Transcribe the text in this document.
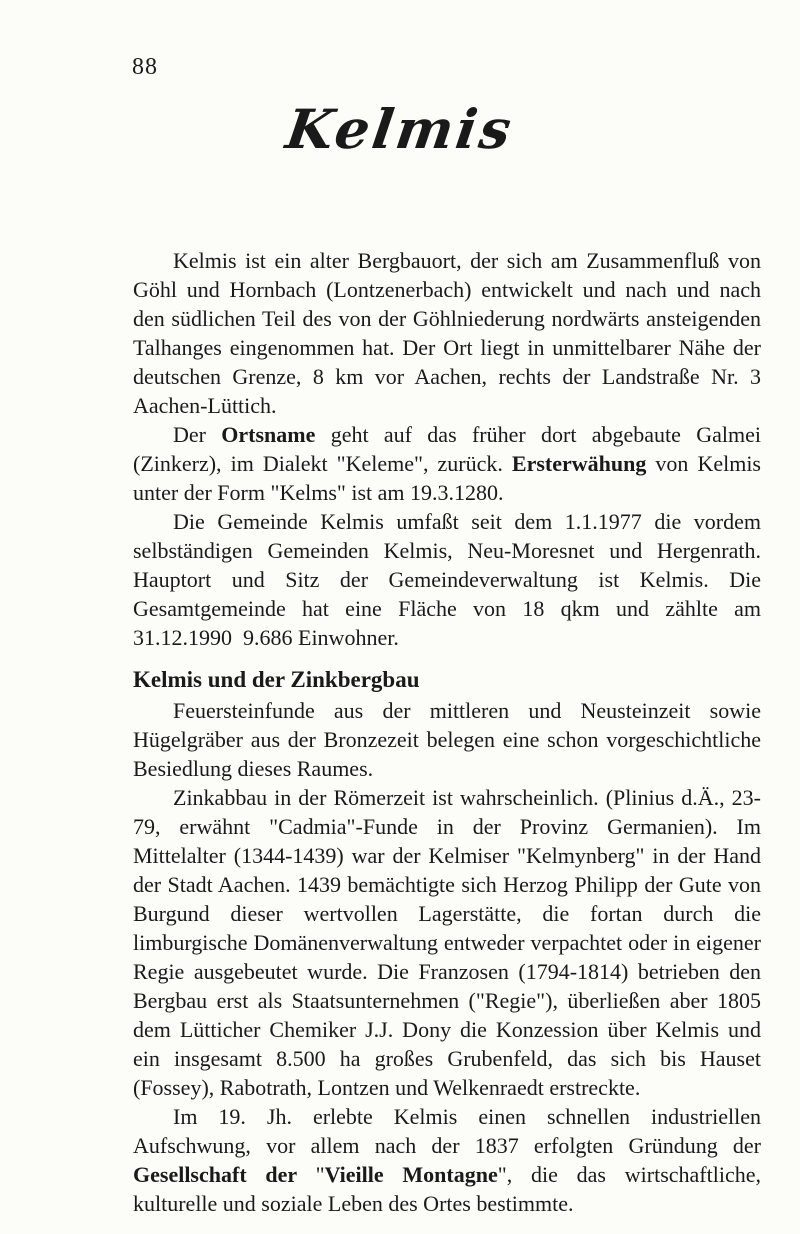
88
Kelmis

Kelmis ist ein alter Bergbauort, der sich am Zusammenfluß von Göhl und Hornbach (Lontzenerbach) entwickelt und nach und nach den südlichen Teil des von der Göhlniederung nordwärts ansteigenden Talhanges eingenommen hat. Der Ort liegt in unmittelbarer Nähe der deutschen Grenze, 8 km vor Aachen, rechts der Landstraße Nr. 3 Aachen-Lüttich.

Der Ortsname geht auf das früher dort abgebaute Galmei (Zinkerz), im Dialekt "Keleme", zurück. Ersterwähung von Kelmis unter der Form "Kelms" ist am 19.3.1280.

Die Gemeinde Kelmis umfaßt seit dem 1.1.1977 die vordem selbständigen Gemeinden Kelmis, Neu-Moresnet und Hergenrath. Hauptort und Sitz der Gemeindeverwaltung ist Kelmis. Die Gesamtgemeinde hat eine Fläche von 18 qkm und zählte am 31.12.1990  9.686 Einwohner.

Kelmis und der Zinkbergbau

Feuersteinfunde aus der mittleren und Neusteinzeit sowie Hügelgräber aus der Bronzezeit belegen eine schon vorgeschichtliche Besiedlung dieses Raumes.

Zinkabbau in der Römerzeit ist wahrscheinlich. (Plinius d.Ä., 23-79, erwähnt "Cadmia"-Funde in der Provinz Germanien). Im Mittelalter (1344-1439) war der Kelmiser "Kelmynberg" in der Hand der Stadt Aachen. 1439 bemächtigte sich Herzog Philipp der Gute von Burgund dieser wertvollen Lagerstätte, die fortan durch die limburgische Domänenverwaltung entweder verpachtet oder in eigener Regie ausgebeutet wurde. Die Franzosen (1794-1814) betrieben den Bergbau erst als Staatsunternehmen ("Regie"), überließen aber 1805 dem Lütticher Chemiker J.J. Dony die Konzession über Kelmis und ein insgesamt 8.500 ha großes Grubenfeld, das sich bis Hauset (Fossey), Rabotrath, Lontzen und Welkenraedt erstreckte.

Im 19. Jh. erlebte Kelmis einen schnellen industriellen Aufschwung, vor allem nach der 1837 erfolgten Gründung der Gesellschaft der "Vieille Montagne", die das wirtschaftliche, kulturelle und soziale Leben des Ortes bestimmte.
